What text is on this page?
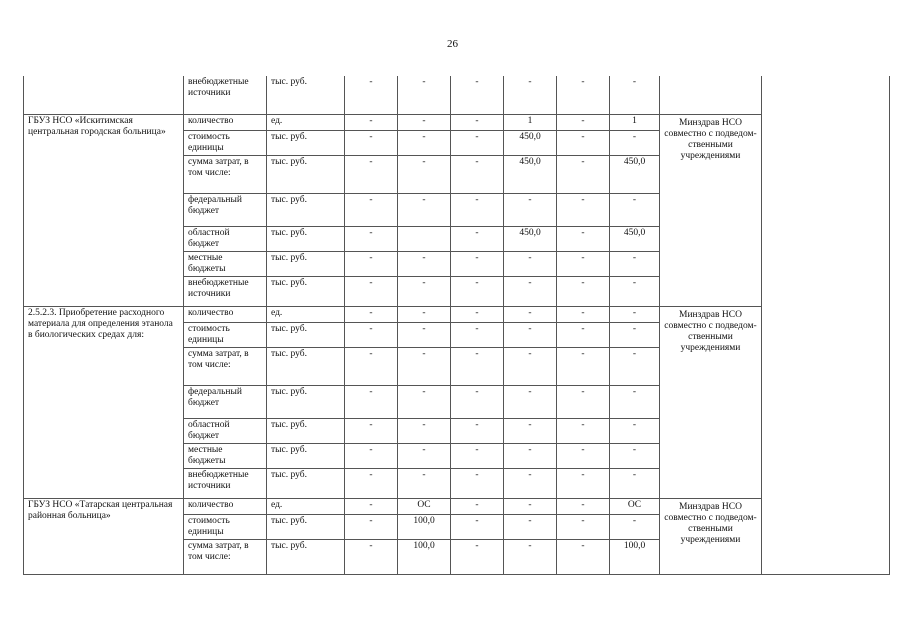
26
	внебюджетные источники	тыс. руб.	-	-	-	-	-	-		
ГБУЗ НСО «Искитимская центральная городская больница»	количество	ед.	-	-	-	1	-	1	Минздрав НСО совместно с подведом-ственными учреждениями	
	стоимость единицы	тыс. руб.	-	-	-	450,0	-	-		
	сумма затрат, в том числе:	тыс. руб.	-	-	-	450,0	-	450,0		
	федеральный бюджет	тыс. руб.	-	-	-	-	-	-		
	областной бюджет	тыс. руб.	-		-	450,0	-	450,0		
	местные бюджеты	тыс. руб.	-	-	-	-	-	-		
	внебюджетные источники	тыс. руб.	-	-	-	-	-	-		
2.5.2.3. Приобретение расходного материала для определения этанола в биологических средах для:	количество	ед.	-	-	-	-	-	-	Минздрав НСО совместно с подведом-ственными учреждениями	
	стоимость единицы	тыс. руб.	-	-	-	-	-	-		
	сумма затрат, в том числе:	тыс. руб.	-	-	-	-	-	-		
	федеральный бюджет	тыс. руб.	-	-	-	-	-	-		
	областной бюджет	тыс. руб.	-	-	-	-	-	-		
	местные бюджеты	тыс. руб.	-	-	-	-	-	-		
	внебюджетные источники	тыс. руб.	-	-	-	-	-	-		
ГБУЗ НСО «Татарская центральная районная больница»	количество	ед.	-	ОС	-	-	-	ОС	Минздрав НСО совместно с подведом-ственными учреждениями	
	стоимость единицы	тыс. руб.	-	100,0	-	-	-	-		
	сумма затрат, в том числе:	тыс. руб.	-	100,0	-	-	-	100,0		
